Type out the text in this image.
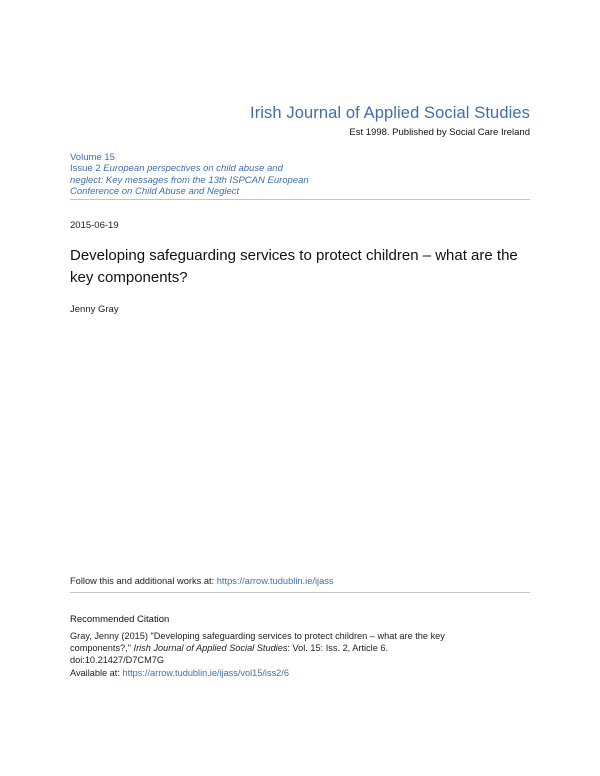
Irish Journal of Applied Social Studies
Est 1998. Published by Social Care Ireland
Volume 15
Issue 2 European perspectives on child abuse and neglect: Key messages from the 13th ISPCAN European Conference on Child Abuse and Neglect
2015-06-19
Developing safeguarding services to protect children – what are the key components?
Jenny Gray
Follow this and additional works at: https://arrow.tudublin.ie/ijass
Recommended Citation
Gray, Jenny (2015) "Developing safeguarding services to protect children – what are the key components?," Irish Journal of Applied Social Studies: Vol. 15: Iss. 2, Article 6.
doi:10.21427/D7CM7G
Available at: https://arrow.tudublin.ie/ijass/vol15/iss2/6
